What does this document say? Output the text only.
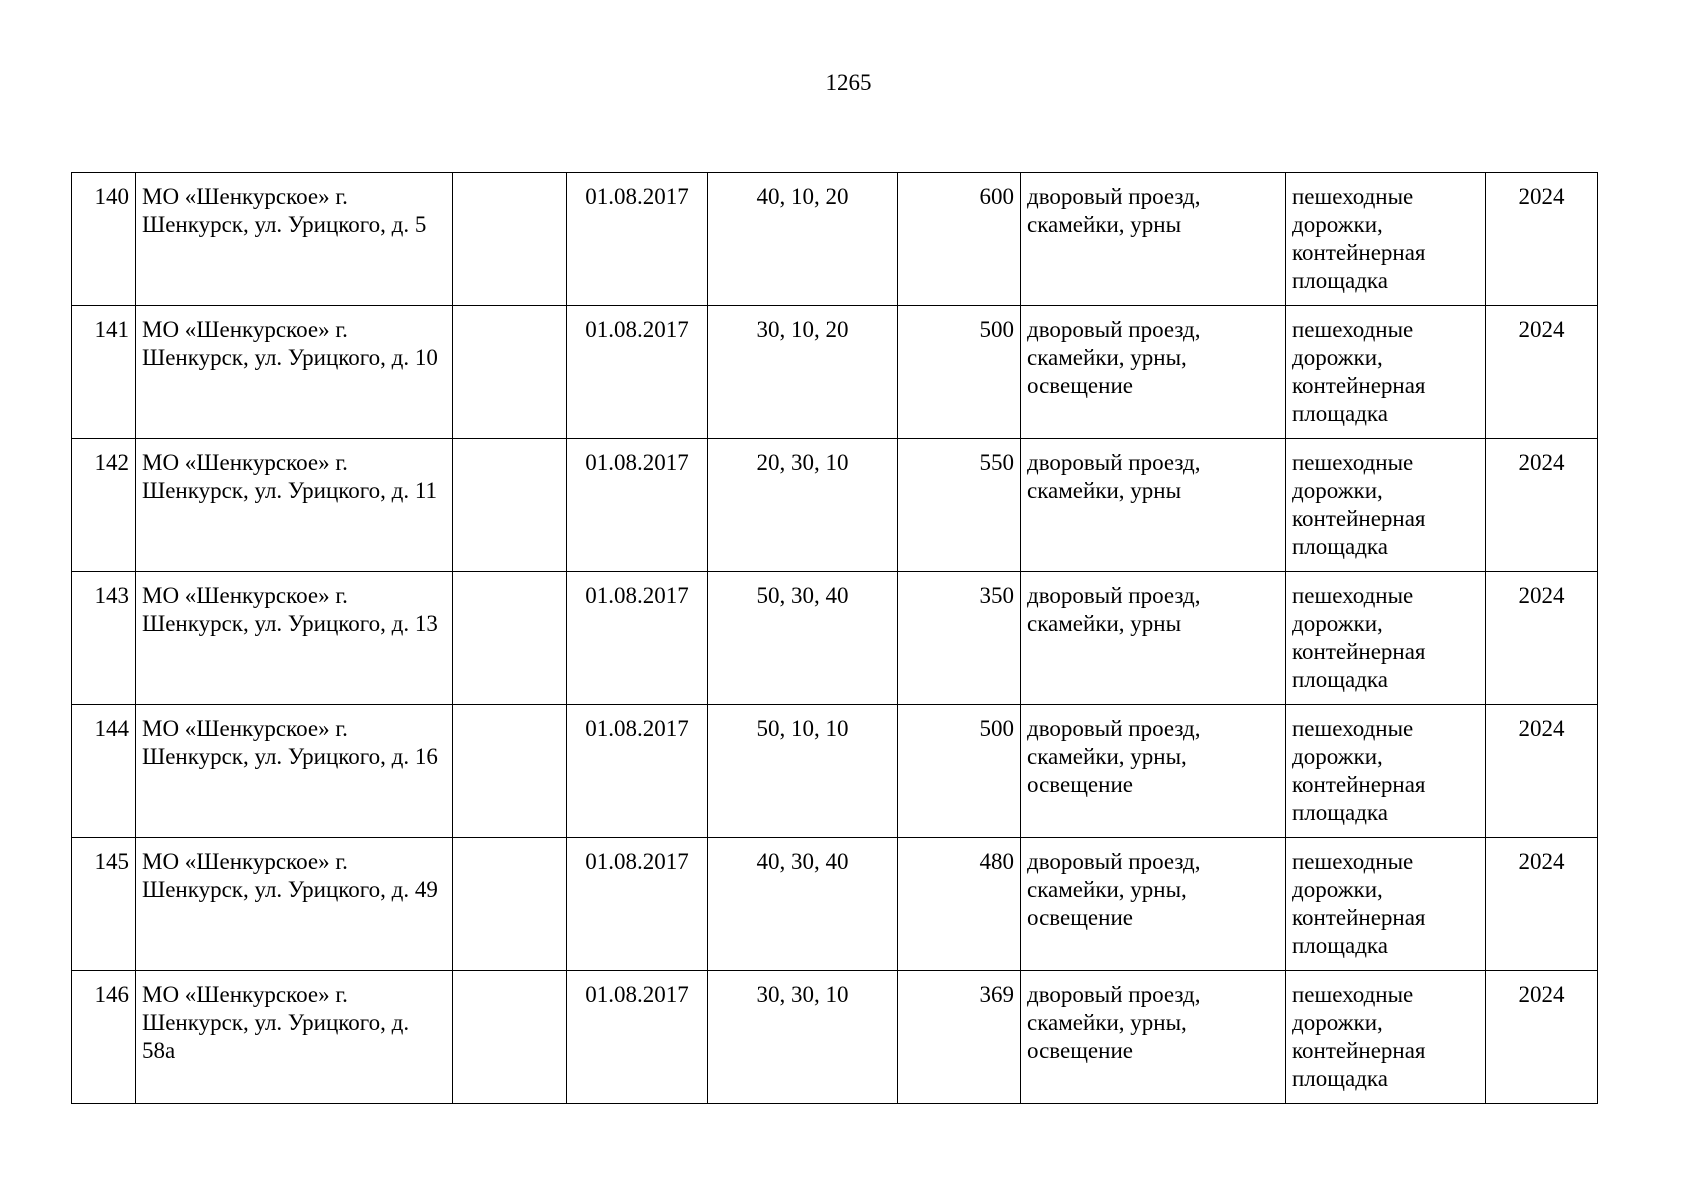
1265
140	МО «Шенкурское» г. Шенкурск, ул. Урицкого, д. 5		01.08.2017	40, 10, 20	600	дворовый проезд, скамейки, урны	пешеходные дорожки, контейнерная площадка	2024
141	МО «Шенкурское» г. Шенкурск, ул. Урицкого, д. 10		01.08.2017	30, 10, 20	500	дворовый проезд, скамейки, урны, освещение	пешеходные дорожки, контейнерная площадка	2024
142	МО «Шенкурское» г. Шенкурск, ул. Урицкого, д. 11		01.08.2017	20, 30, 10	550	дворовый проезд, скамейки, урны	пешеходные дорожки, контейнерная площадка	2024
143	МО «Шенкурское» г. Шенкурск, ул. Урицкого, д. 13		01.08.2017	50, 30, 40	350	дворовый проезд, скамейки, урны	пешеходные дорожки, контейнерная площадка	2024
144	МО «Шенкурское» г. Шенкурск, ул. Урицкого, д. 16		01.08.2017	50, 10, 10	500	дворовый проезд, скамейки, урны, освещение	пешеходные дорожки, контейнерная площадка	2024
145	МО «Шенкурское» г. Шенкурск, ул. Урицкого, д. 49		01.08.2017	40, 30, 40	480	дворовый проезд, скамейки, урны, освещение	пешеходные дорожки, контейнерная площадка	2024
146	МО «Шенкурское» г. Шенкурск, ул. Урицкого, д. 58а		01.08.2017	30, 30, 10	369	дворовый проезд, скамейки, урны, освещение	пешеходные дорожки, контейнерная площадка	2024
